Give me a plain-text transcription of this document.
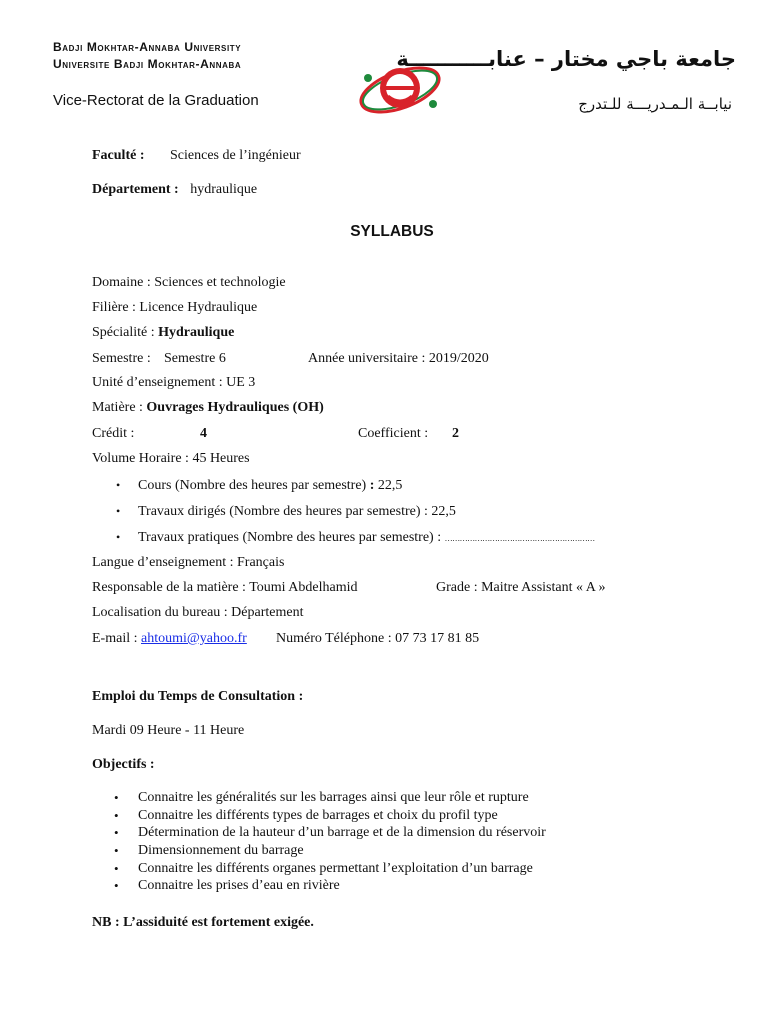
Badji Mokhtar-Annaba University
Universite Badji Mokhtar-Annaba
Vice-Rectorat de la Graduation
جامعة باجي مختار – عنابـــــــــــة
نيابــة الـمـدريـــة للـتدرج
Faculté : Sciences de l’ingénieur
Département : hydraulique
SYLLABUS
Domaine : Sciences et technologie
Filière : Licence Hydraulique
Spécialité : Hydraulique
Semestre : Semestre 6	Année universitaire : 2019/2020
Unité d’enseignement : UE 3
Matière : Ouvrages Hydrauliques (OH)
Crédit :	4	Coefficient : 2
Volume Horaire : 45 Heures
• Cours (Nombre des heures par semestre) : 22,5
• Travaux dirigés (Nombre des heures par semestre) : 22,5
• Travaux pratiques (Nombre des heures par semestre) : ……………………………………………………
Langue d’enseignement : Français
Responsable de la matière : Toumi Abdelhamid	Grade : Maitre Assistant « A »
Localisation du bureau : Département
E-mail : ahtoumi@yahoo.fr Numéro Téléphone : 07 73 17 81 85
Emploi du Temps de Consultation :
Mardi 09 Heure - 11 Heure
Objectifs :
• Connaitre les généralités sur les barrages ainsi que leur rôle et rupture
• Connaitre les différents types de barrages et choix du profil type
• Détermination de la hauteur d’un barrage et de la dimension du réservoir
• Dimensionnement du barrage
• Connaitre les différents organes permettant l’exploitation d’un barrage
• Connaitre les prises d’eau en rivière
NB : L’assiduité est fortement exigée.
